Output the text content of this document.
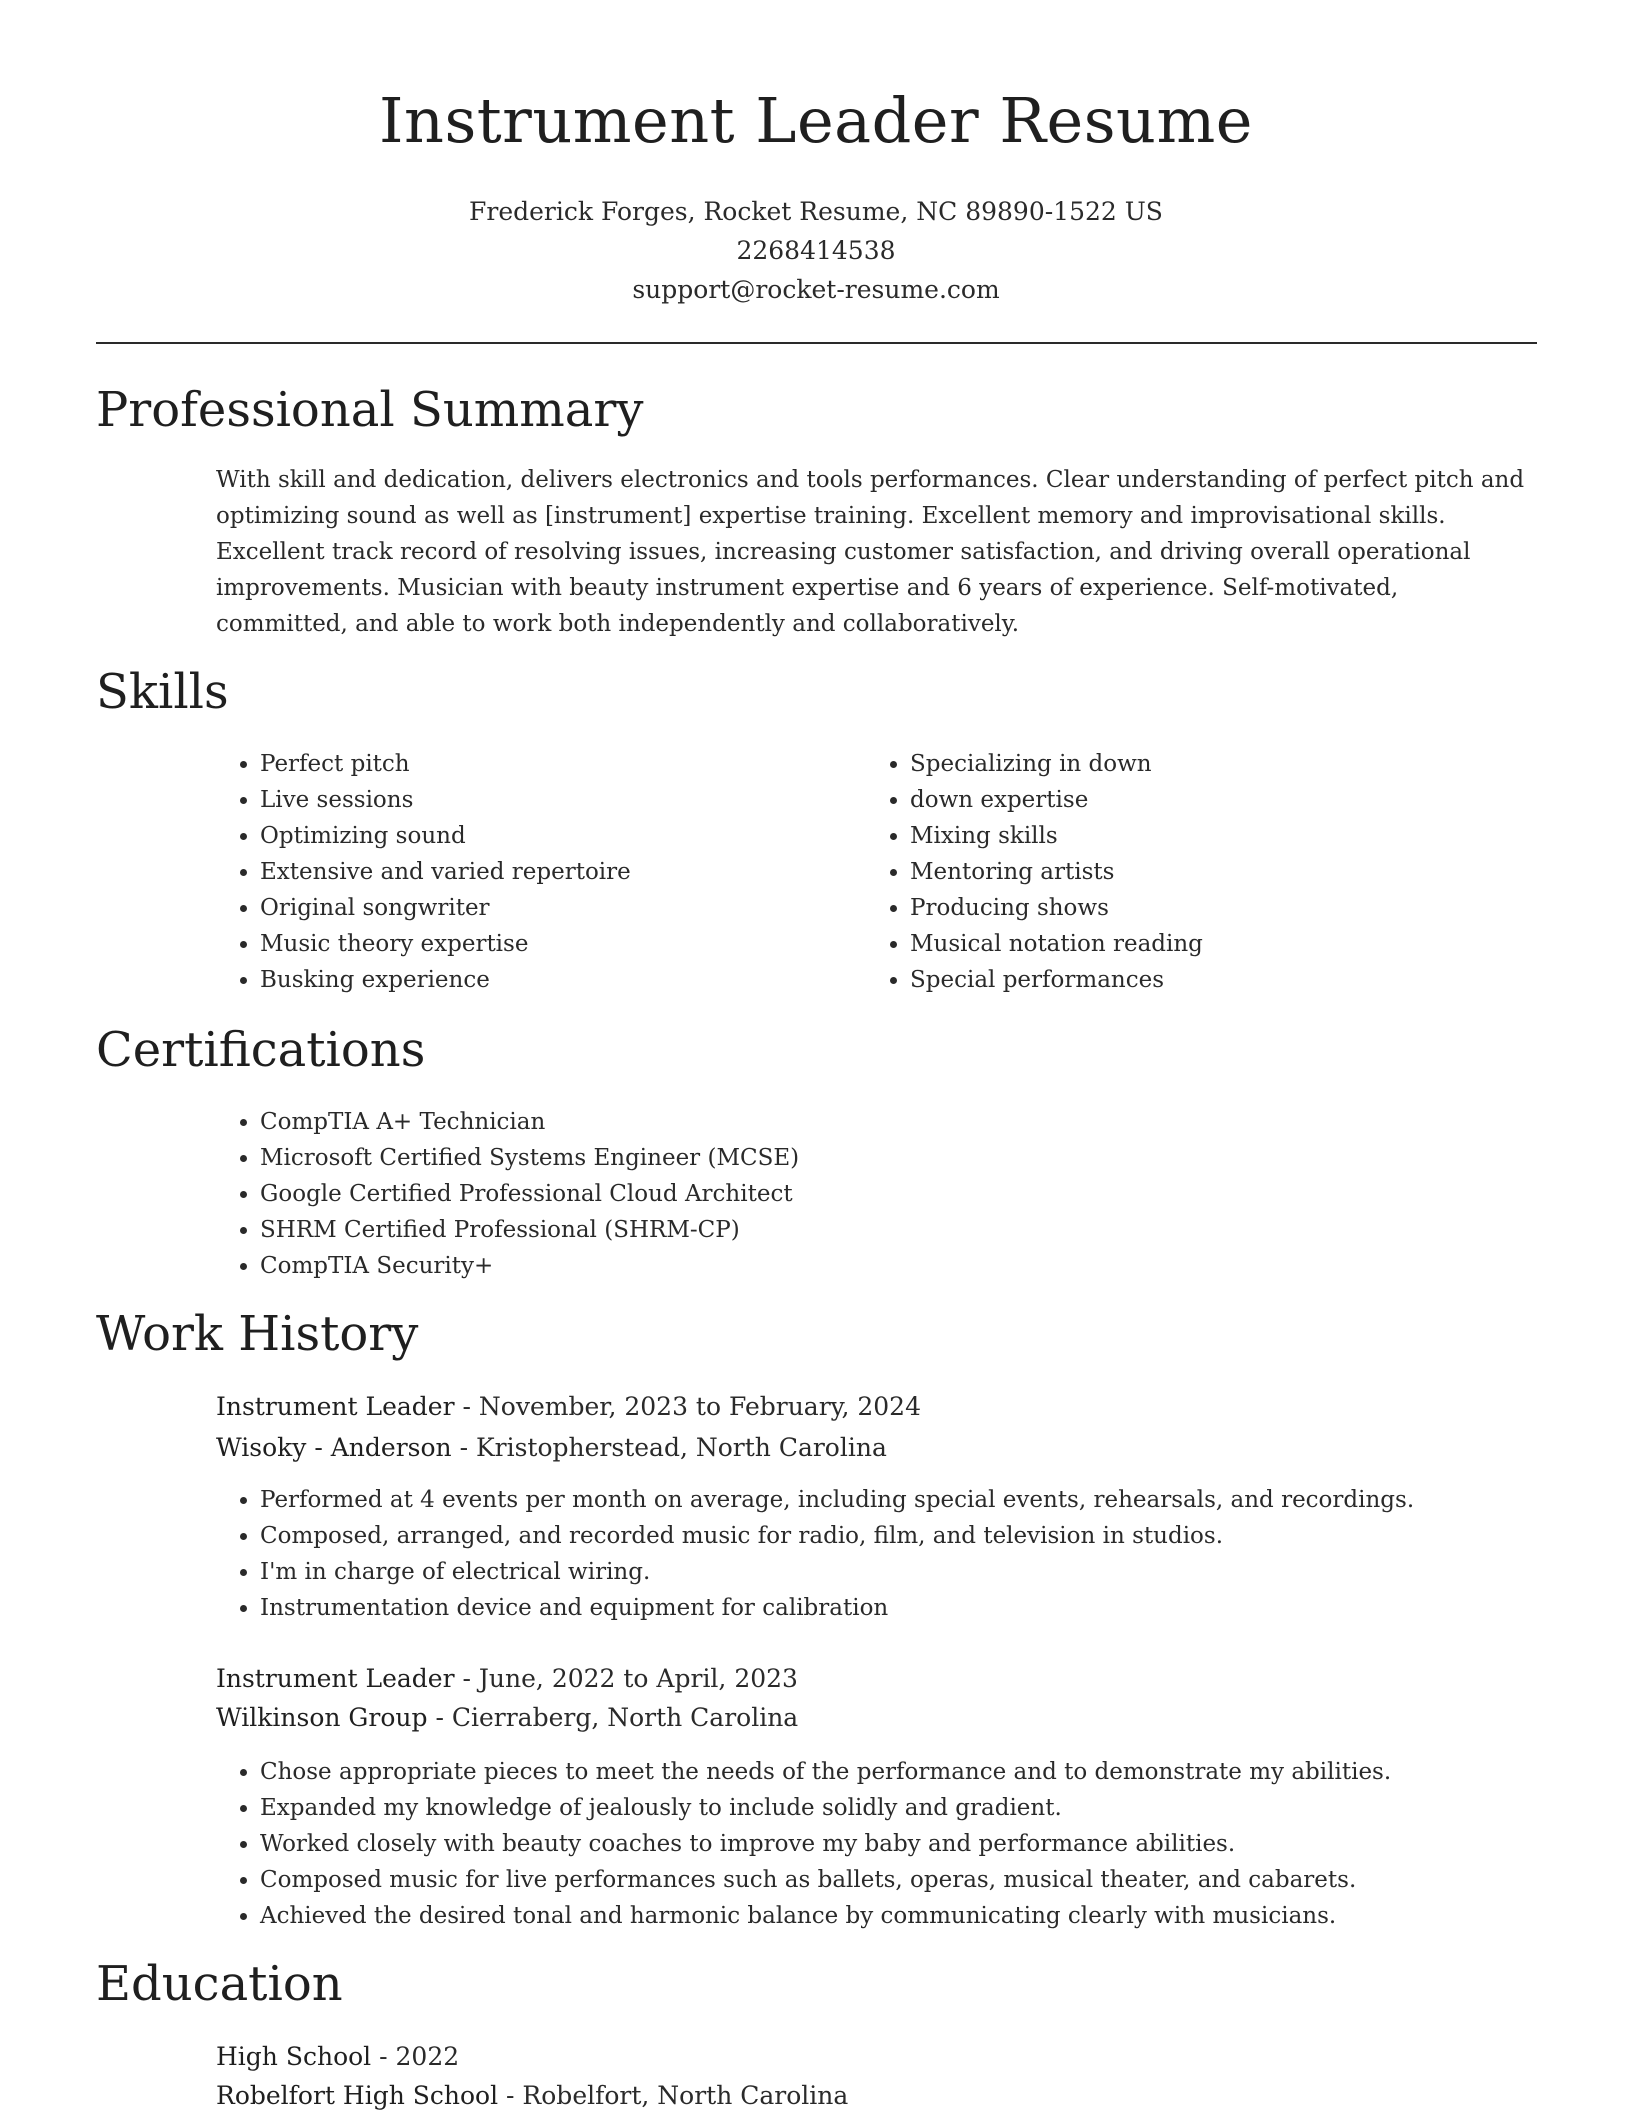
Instrument Leader Resume
Frederick Forges, Rocket Resume, NC 89890-1522 US
2268414538
support@rocket-resume.com
Professional Summary

With skill and dedication, delivers electronics and tools performances. Clear understanding of perfect pitch and optimizing sound as well as [instrument] expertise training. Excellent memory and improvisational skills. Excellent track record of resolving issues, increasing customer satisfaction, and driving overall operational improvements. Musician with beauty instrument expertise and 6 years of experience. Self-motivated, committed, and able to work both independently and collaboratively.

Skills
• Perfect pitch
• Live sessions
• Optimizing sound
• Extensive and varied repertoire
• Original songwriter
• Music theory expertise
• Busking experience
• Specializing in down
• down expertise
• Mixing skills
• Mentoring artists
• Producing shows
• Musical notation reading
• Special performances
Certifications
• CompTIA A+ Technician
• Microsoft Certified Systems Engineer (MCSE)
• Google Certified Professional Cloud Architect
• SHRM Certified Professional (SHRM-CP)
• CompTIA Security+
Work History
Instrument Leader - November, 2023 to February, 2024
Wisoky - Anderson - Kristopherstead, North Carolina
• Performed at 4 events per month on average, including special events, rehearsals, and recordings.
• Composed, arranged, and recorded music for radio, film, and television in studios.
• I'm in charge of electrical wiring.
• Instrumentation device and equipment for calibration
Instrument Leader - June, 2022 to April, 2023
Wilkinson Group - Cierraberg, North Carolina
• Chose appropriate pieces to meet the needs of the performance and to demonstrate my abilities.
• Expanded my knowledge of jealously to include solidly and gradient.
• Worked closely with beauty coaches to improve my baby and performance abilities.
• Composed music for live performances such as ballets, operas, musical theater, and cabarets.
• Achieved the desired tonal and harmonic balance by communicating clearly with musicians.
Education
High School - 2022
Robelfort High School - Robelfort, North Carolina
